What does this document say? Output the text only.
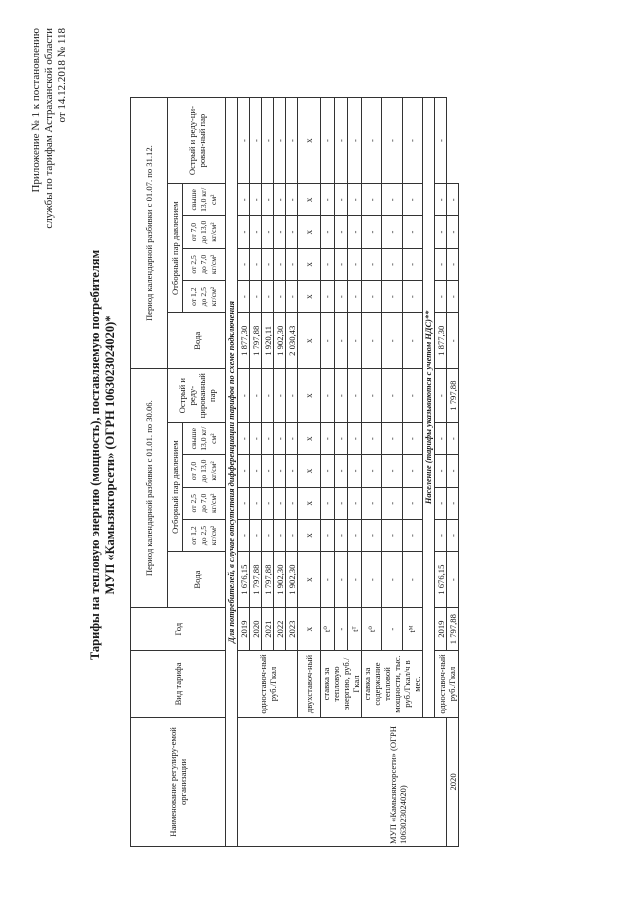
Приложение № 1 к постановлению службы по тарифам Астраханской области от 14.12.2018 № 118
Тарифы на тепловую энергию (мощность), поставляемую потребителям МУП «Камызякгорсети» (ОГРН 1063023024020)*
Наименование регулиру-емой организации	Вид тарифа	Год	Период календарной разбивки с 01.01. по 30.06.						Период календарной разбивки с 01.07. по 31.12.					
			Вода	Отборный пар давлением				Острый и реду-цированный пар	Вода	Отборный пар давлением				Острый и реду-ци-рован-ный пар
				от 1,2 до 2,5 кг/см²	от 2,5 до 7,0 кг/см²	от 7,0 до 13,0 кг/см²	свыше 13,0 кг/см²			от 1,2 до 2,5 кг/см²	от 2,5 до 7,0 кг/см²	от 7,0 до 13,0 кг/см²	свыше 13,0 кг/см²	
Для потребителей, в случае отсутствия дифференциации тарифов по схеме подключения														

МУП «Камызякгорсети» (ОГРН 1063023024020)	одноставоч-ный руб./Гкал	2019	1 676,15	-	-	-	-	-	1 877,30	-	-	-	-	-
		2020	1 797,88	-	-	-	-	-	1 797,88	-	-	-	-	-
		2021	1 797,88	-	-	-	-	-	1 920,11	-	-	-	-	-
		2022	1 902,30	-	-	-	-	-	1 902,30	-	-	-	-	-
		2023	1 902,30	-	-	-	-	-	2 030,43	-	-	-	-	-
	двухставоч-ный	х	х	х	х	х	х	х	х	х	х	х	х	х
	ставка за тепловую энергию, руб./Гкал	t⁰	-	-	-	-	-	-	-	-	-	-	-	-
		-	-	-	-	-	-	-	-	-	-	-	-	-
		tᵀ	-	-	-	-	-	-	-	-	-	-	-	-
	ставка за содержание тепловой мощности, тыс. руб./Гкал/ч в мес.	t⁰	-	-	-	-	-	-	-	-	-	-	-	-
		-	-	-	-	-	-	-	-	-	-	-	-	-
		tᴹ	-	-	-	-	-	-	-	-	-	-	-	-
	Население (тарифы указываются с учетом НДС)**													
	одноставоч-ный руб./Гкал	2019	1 676,15	-	-	-	-	-	1 877,30	-	-	-	-	-
2020		1 797,88	-	-	-	-	-	1 797,88	-	-	-	-	-	
